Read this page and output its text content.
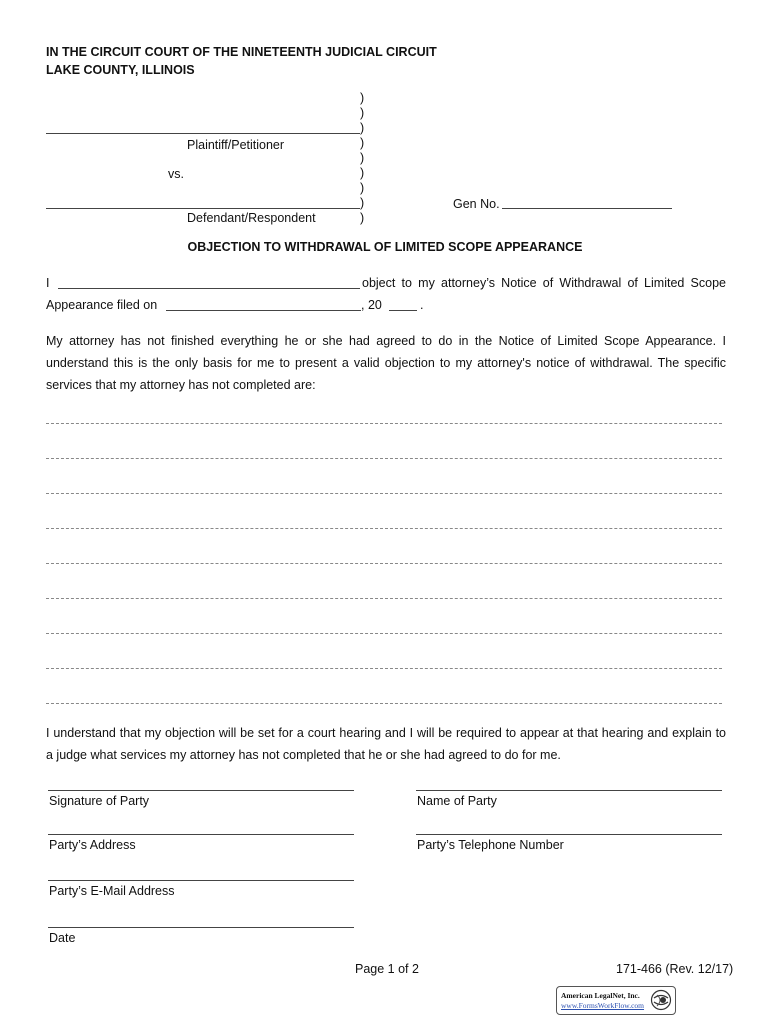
IN THE CIRCUIT COURT OF THE NINETEENTH JUDICIAL CIRCUIT
LAKE COUNTY, ILLINOIS
)
)
)
)
)
)
)
)
)
Plaintiff/Petitioner
vs.
Defendant/Respondent
Gen No.
OBJECTION TO WITHDRAWAL OF LIMITED SCOPE APPEARANCE
I	object to my attorney’s Notice of Withdrawal of Limited Scope
Appearance filed on	, 20	.
My attorney has not finished everything he or she had agreed to do in the Notice of Limited Scope Appearance. I understand this is the only basis for me to present a valid objection to my attorney's notice of withdrawal. The specific services that my attorney has not completed are:
I understand that my objection will be set for a court hearing and I will be required to appear at that hearing and explain to a judge what services my attorney has not completed that he or she had agreed to do for me.
Signature of Party	Name of Party
Party’s Address	Party’s Telephone Number
Party’s E-Mail Address
Date
Page 1 of 2	171-466 (Rev. 12/17)
American LegalNet, Inc.
www.FormsWorkFlow.com
